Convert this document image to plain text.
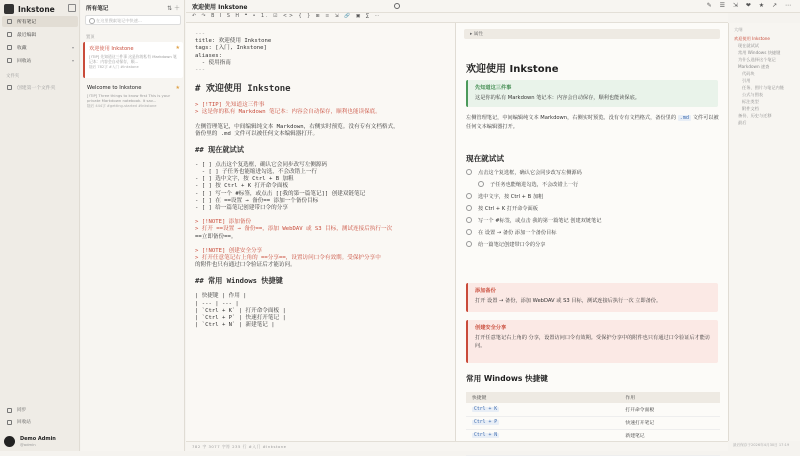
Inkstone
所有笔记
最近编辑
收藏	▾
回收站	▾
文件夹
创建第一个文件夹
同步
回收站
Demo Admin
@admin
所有笔记	⇅ ＋
在这里搜索笔记中快速...
置顶
欢迎使用 Inkstone	★
[!TIP] 先知道这三件事 这是你的私有 Markdown 笔记本：内容会自动保存，顺...
随后 782字 #入门 #Inkstone
Welcome to Inkstone	★
[!TIP] Three things to know first This is your private Markdown notebook. It sav...
随后 444字 #getting-started #Inkstone
欢迎使用 Inkstone	✎ ☰ ⇲ ❤ ★ ↗ ⋯
↶ ↷ B I S H ❝ • 1. ☑ <> { } ⊞ ≡ ⇲ 🔗 ▣ ∑ ⋯
---
title: 欢迎使用 Inkstone
tags: [入门, Inkstone]
aliases:
- 使用指南
---
# 欢迎使用 Inkstone
> [!TIP] 先知道这三件事
> 这是你的私有 Markdown 笔记本：内容会自动保存，顺利也能读保底。
左侧管理笔记，中间编辑纯文本 Markdown，右侧实时预览。没有专有文档格式，
备份里的 .md 文件可以被任何文本编辑器打开。
## 现在就试试
- [ ] 点击这个复选框，确认它会同步改写左侧源码
- [ ] 子任务也能缩进勾选，不会改错上一行
- [ ] 选中文字，按 Ctrl + B 加粗
- [ ] 按 Ctrl + K 打开命令面板
- [ ] 写一个 #标签，或点击 [[我的第一篇笔记]] 创建双链笔记
- [ ] 在 ==设置 → 备份== 添加一个备份目标
- [ ] 给一篇笔记创建带口令的分享
> [!NOTE] 添加备份
> 打开 ==设置 → 备份==，添加 WebDAV 或 S3 目标，测试连接后执行一次
==立即备份==。
> [!NOTE] 创建安全分享
> 打开任意笔记右上角的 ==分享==，设置访问口令有效期。受保护分享中
的附件也只有通过口令验证后才能访问。
## 常用 Windows 快捷键
| 快捷键 | 作用 |
| --- | --- |
| `Ctrl + K` | 打开命令面板 |
| `Ctrl + P` | 快速打开笔记 |
| `Ctrl + N` | 新建笔记 |
▸ 属性
欢迎使用 Inkstone
先知道这三件事
这是你的私有 Markdown 笔记本：内容会自动保存，顺利也能读保底。
左侧管理笔记，中间编辑纯文本 Markdown，右侧实时预览。没有专有文档格式，备份里的 .md 文件可以被任何文本编辑器打开。
现在就试试
点击这个复选框，确认它会同步改写左侧源码
子任务也能缩进勾选，不会改错上一行
选中文字，按 Ctrl + B 加粗
按 Ctrl + K 打开命令面板
写一个 #标签，或点击 我的第一篇笔记 创建双链笔记
在 设置 → 备份 添加一个备份目标
给一篇笔记创建带口令的分享
添加备份
打开 设置 → 备份，添加 WebDAV 或 S3 目标，测试连接后执行一次 立即备份。
创建安全分享
打开任意笔记右上角的 分享，设置访问口令有效期。受保护分享中的附件也只有通过口令验证后才能访问。
常用 Windows 快捷键
快捷键	作用
Ctrl + K	打开命令面板
Ctrl + P	快速打开笔记
Ctrl + N	新建笔记

大纲
欢迎使用 Inkstone
现在就试试
常用 Windows 快捷键
为什么选择这个笔记
Markdown 速查
代码块
引用
任务、图片与笔记内链
公式与图表
标注类型
附件文档
备份、历史与迁移
最后
782 字 3077 字符 235 行 #入门 #Inkstone	最后保存于2026年4月30日 17:19
